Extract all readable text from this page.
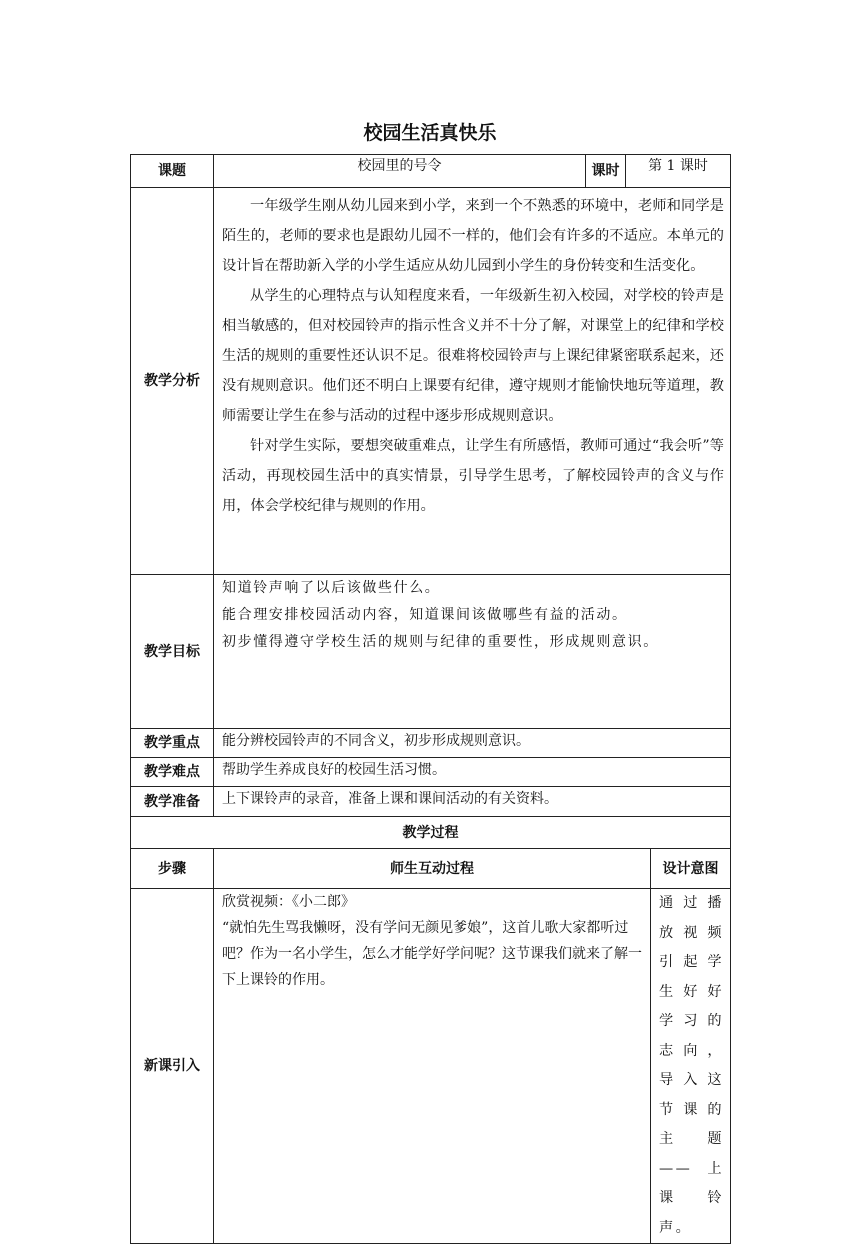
校园生活真快乐
课题	校园里的号令	课时	第 1 课时	
教学分析	一年级学生刚从幼儿园来到小学，来到一个不熟悉的环境中，老师和同学是陌生的，老师的要求也是跟幼儿园不一样的，他们会有许多的不适应。本单元的设计旨在帮助新入学的小学生适应从幼儿园到小学生的身份转变和生活变化。

从学生的心理特点与认知程度来看，一年级新生初入校园，对学校的铃声是相当敏感的，但对校园铃声的指示性含义并不十分了解，对课堂上的纪律和学校生活的规则的重要性还认识不足。很难将校园铃声与上课纪律紧密联系起来，还没有规则意识。他们还不明白上课要有纪律，遵守规则才能愉快地玩等道理，教师需要让学生在参与活动的过程中逐步形成规则意识。

针对学生实际，要想突破重难点，让学生有所感悟，教师可通过“我会听”等活动，再现校园生活中的真实情景，引导学生思考，了解校园铃声的含义与作用，体会学校纪律与规则的作用。			

教学目标	知道铃声响了以后该做些什么。

能合理安排校园活动内容，知道课间该做哪些有益的活动。

初步懂得遵守学校生活的规则与纪律的重要性，形成规则意识。			

教学重点	能分辨校园铃声的不同含义，初步形成规则意识。			
教学难点	帮助学生养成良好的校园生活习惯。			
教学准备	上下课铃声的录音，准备上课和课间活动的有关资料。			
教学过程				
步骤	师生互动过程			设计意图
新课引入	欣赏视频：《小二郎》

“就怕先生骂我懒呀，没有学问无颜见爹娘”，这首儿歌大家都听过吧？作为一名小学生，怎么才能学好学问呢？这节课我们就来了解一下上课铃的作用。			通过播放视频引起学生好好学习的志向，导入这节课的主题——上课铃声。
